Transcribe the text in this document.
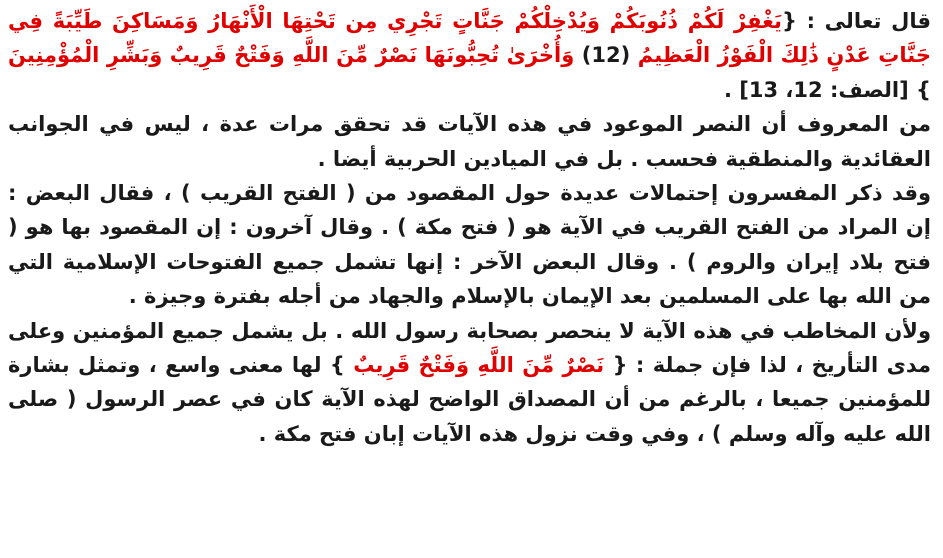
قال تعالى : {يَغْفِرْ لَكُمْ ذُنُوبَكُمْ وَيُدْخِلْكُمْ جَنَّاتٍ تَجْرِي مِن تَحْتِهَا الْأَنْهَارُ وَمَسَاكِنَ طَيِّبَةً فِي جَنَّاتِ عَدْنٍ ذَٰلِكَ الْفَوْزُ الْعَظِيمُ (12) وَأُخْرَىٰ تُحِبُّونَهَا نَصْرٌ مِّنَ اللَّهِ وَفَتْحٌ قَرِيبٌ وَبَشِّرِ الْمُؤْمِنِينَ } [الصف: 12، 13] .

من المعروف أن النصر الموعود في هذه الآيات قد تحقق مرات عدة ، ليس في الجوانب العقائدية والمنطقية فحسب . بل في الميادين الحربية أيضا .

وقد ذكر المفسرون إحتمالات عديدة حول المقصود من ( الفتح القريب ) ، فقال البعض : إن المراد من الفتح القريب في الآية هو ( فتح مكة ) . وقال آخرون : إن المقصود بها هو ( فتح بلاد إيران والروم ) . وقال البعض الآخر : إنها تشمل جميع الفتوحات الإسلامية التي من الله بها على المسلمين بعد الإيمان بالإسلام والجهاد من أجله بفترة وجيزة .

ولأن المخاطب في هذه الآية لا ينحصر بصحابة رسول الله . بل يشمل جميع المؤمنين وعلى مدى التأريخ ، لذا فإن جملة : { نَصْرٌ مِّنَ اللَّهِ وَفَتْحٌ قَرِيبٌ } لها معنى واسع ، وتمثل بشارة للمؤمنين جميعا ، بالرغم من أن المصداق الواضح لهذه الآية كان في عصر الرسول ( صلى الله عليه وآله وسلم ) ، وفي وقت نزول هذه الآيات إبان فتح مكة .
